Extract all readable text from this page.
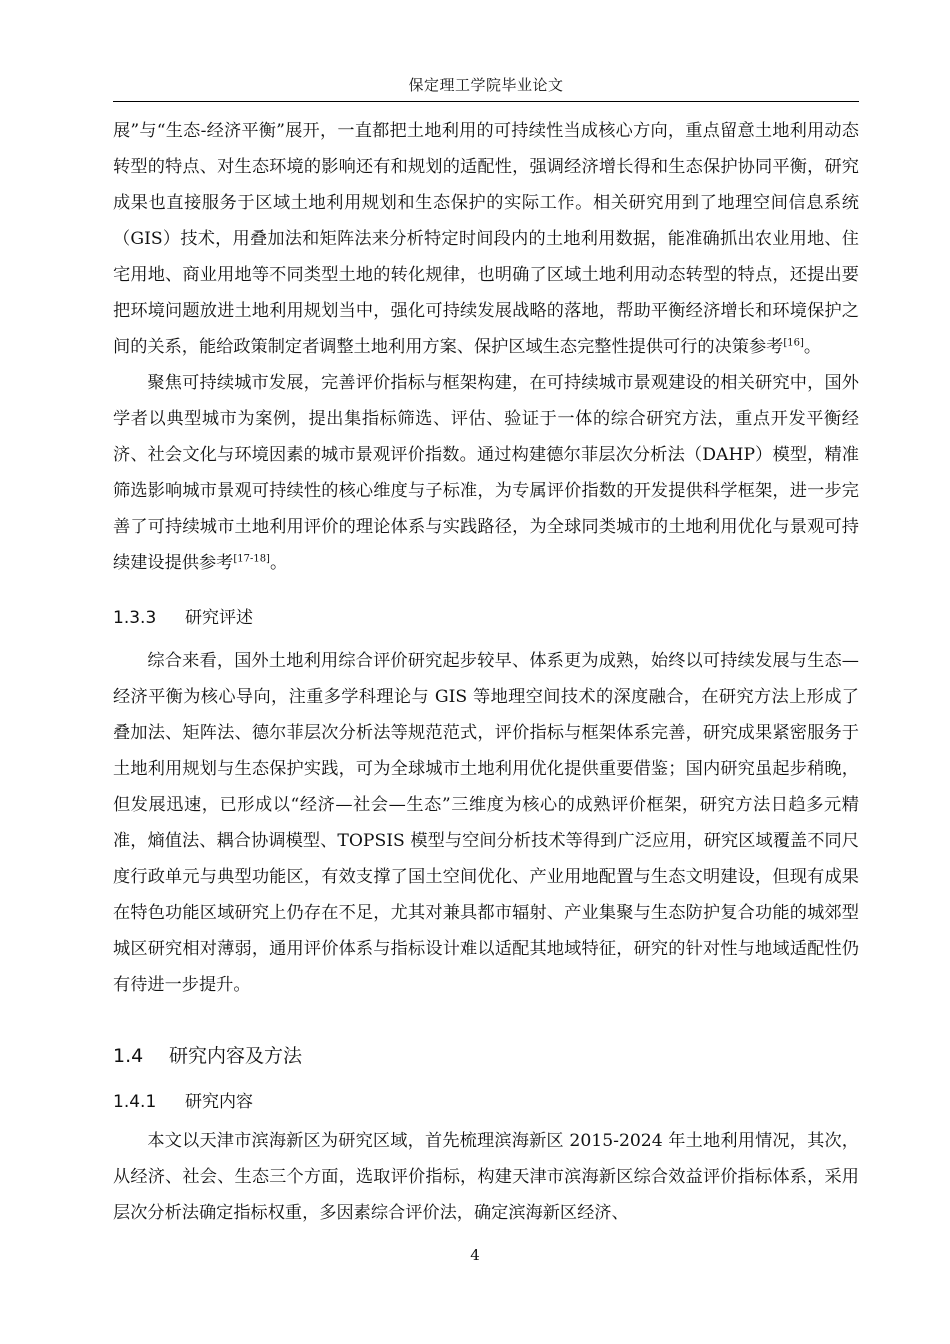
保定理工学院毕业论文

展”与“生态-经济平衡”展开，一直都把土地利用的可持续性当成核心方向，重点留意土地利用动态转型的特点、对生态环境的影响还有和规划的适配性，强调经济增长得和生态保护协同平衡，研究成果也直接服务于区域土地利用规划和生态保护的实际工作。相关研究用到了地理空间信息系统（GIS）技术，用叠加法和矩阵法来分析特定时间段内的土地利用数据，能准确抓出农业用地、住宅用地、商业用地等不同类型土地的转化规律，也明确了区域土地利用动态转型的特点，还提出要把环境问题放进土地利用规划当中，强化可持续发展战略的落地，帮助平衡经济增长和环境保护之间的关系，能给政策制定者调整土地利用方案、保护区域生态完整性提供可行的决策参考[16]。

聚焦可持续城市发展，完善评价指标与框架构建，在可持续城市景观建设的相关研究中，国外学者以典型城市为案例，提出集指标筛选、评估、验证于一体的综合研究方法，重点开发平衡经济、社会文化与环境因素的城市景观评价指数。通过构建德尔菲层次分析法（DAHP）模型，精准筛选影响城市景观可持续性的核心维度与子标准，为专属评价指数的开发提供科学框架，进一步完善了可持续城市土地利用评价的理论体系与实践路径，为全球同类城市的土地利用优化与景观可持续建设提供参考[17-18]。

1.3.3 研究评述

综合来看，国外土地利用综合评价研究起步较早、体系更为成熟，始终以可持续发展与生态—经济平衡为核心导向，注重多学科理论与 GIS 等地理空间技术的深度融合，在研究方法上形成了叠加法、矩阵法、德尔菲层次分析法等规范范式，评价指标与框架体系完善，研究成果紧密服务于土地利用规划与生态保护实践，可为全球城市土地利用优化提供重要借鉴；国内研究虽起步稍晚，但发展迅速，已形成以“经济—社会—生态”三维度为核心的成熟评价框架，研究方法日趋多元精准，熵值法、耦合协调模型、TOPSIS 模型与空间分析技术等得到广泛应用，研究区域覆盖不同尺度行政单元与典型功能区，有效支撑了国土空间优化、产业用地配置与生态文明建设，但现有成果在特色功能区域研究上仍存在不足，尤其对兼具都市辐射、产业集聚与生态防护复合功能的城郊型城区研究相对薄弱，通用评价体系与指标设计难以适配其地域特征，研究的针对性与地域适配性仍有待进一步提升。

1.4 研究内容及方法
1.4.1 研究内容

本文以天津市滨海新区为研究区域，首先梳理滨海新区 2015-2024 年土地利用情况，其次，从经济、社会、生态三个方面，选取评价指标，构建天津市滨海新区综合效益评价指标体系，采用层次分析法确定指标权重，多因素综合评价法，确定滨海新区经济、

4
